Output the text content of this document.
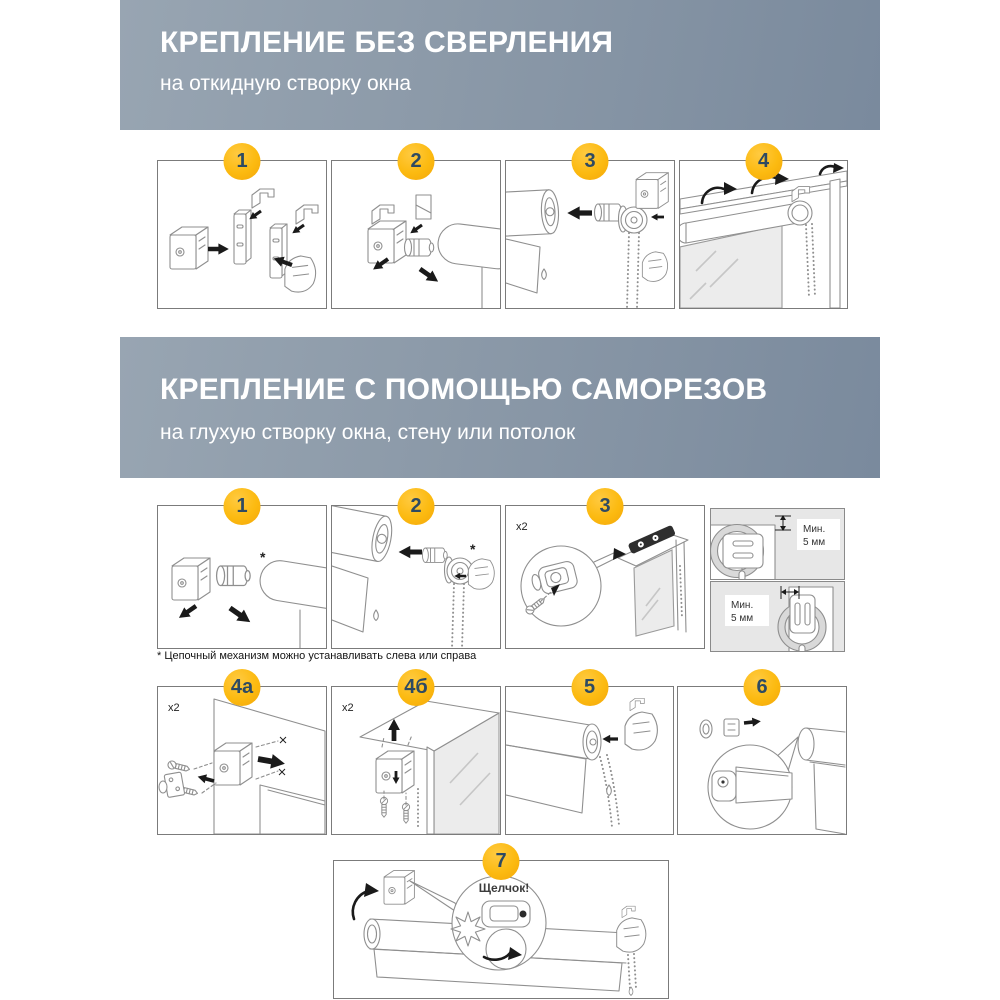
КРЕПЛЕНИЕ БЕЗ СВЕРЛЕНИЯ
на откидную створку окна
1	2	3	4
КРЕПЛЕНИЕ С ПОМОЩЬЮ САМОРЕЗОВ
на глухую створку окна, стену или потолок
1
*
2
*
3
x2	Мин.
5 мм
Мин.
5 мм
* Цепочный механизм можно устанавливать слева или справа
4а
x2
4б
x2
5	6
7
Щелчок!
